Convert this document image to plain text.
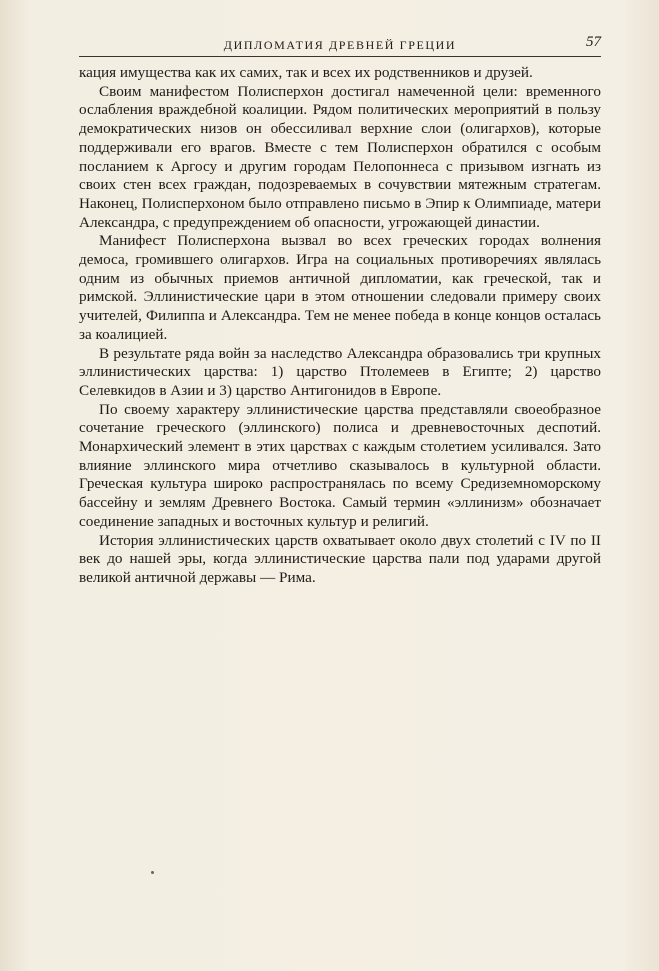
ДИПЛОМАТИЯ ДРЕВНЕЙ ГРЕЦИИ	57

кация имущества как их самих, так и всех их родственников и друзей.

Своим манифестом Полисперхон достигал намеченной цели: временного ослабления враждебной коалиции. Рядом политических мероприятий в пользу демократических низов он обессиливал верхние слои (олигархов), которые поддерживали его врагов. Вместе с тем Полисперхон обратился с особым посланием к Аргосу и другим городам Пелопоннеса с призывом изгнать из своих стен всех граждан, подозреваемых в сочувствии мятежным стратегам. Наконец, Полисперхоном было отправлено письмо в Эпир к Олимпиаде, матери Александра, с предупреждением об опасности, угрожающей династии.

Манифест Полисперхона вызвал во всех греческих городах волнения демоса, громившего олигархов. Игра на социальных противоречиях являлась одним из обычных приемов античной дипломатии, как греческой, так и римской. Эллинистические цари в этом отношении следовали примеру своих учителей, Филиппа и Александра. Тем не менее победа в конце концов осталась за коалицией.

В результате ряда войн за наследство Александра образовались три крупных эллинистических царства: 1) царство Птолемеев в Египте; 2) царство Селевкидов в Азии и 3) царство Антигонидов в Европе.

По своему характеру эллинистические царства представляли своеобразное сочетание греческого (эллинского) полиса и древневосточных деспотий. Монархический элемент в этих царствах с каждым столетием усиливался. Зато влияние эллинского мира отчетливо сказывалось в культурной области. Греческая культура широко распространялась по всему Средиземноморскому бассейну и землям Древнего Востока. Самый термин «эллинизм» обозначает соединение западных и восточных культур и религий.

История эллинистических царств охватывает около двух столетий с IV по II век до нашей эры, когда эллинистические царства пали под ударами другой великой античной державы — Рима.
